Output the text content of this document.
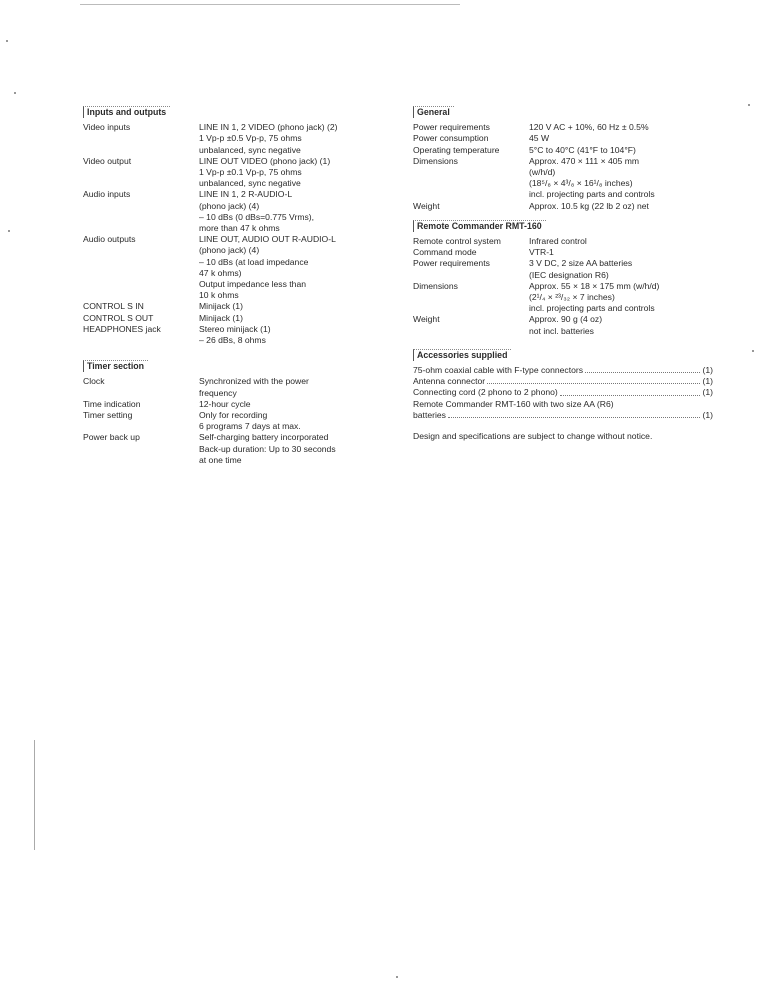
Inputs and outputs
Video inputs	LINE IN 1, 2 VIDEO (phono jack) (2)
1 Vp-p ±0.5 Vp-p, 75 ohms
unbalanced, sync negative
Video output	LINE OUT VIDEO (phono jack) (1)
1 Vp-p ±0.1 Vp-p, 75 ohms
unbalanced, sync negative
Audio inputs	LINE IN 1, 2 R-AUDIO-L
(phono jack) (4)
– 10 dBs (0 dBs=0.775 Vrms),
more than 47 k ohms
Audio outputs	LINE OUT, AUDIO OUT R-AUDIO-L
(phono jack) (4)
– 10 dBs (at load impedance
47 k ohms)
Output impedance less than
10 k ohms
CONTROL S IN	Minijack (1)
CONTROL S OUT	Minijack (1)
HEADPHONES jack	Stereo minijack (1)
– 26 dBs, 8 ohms
Timer section
Clock	Synchronized with the power
frequency
Time indication	12-hour cycle
Timer setting	Only for recording
6 programs 7 days at max.
Power back up	Self-charging battery incorporated
Back-up duration: Up to 30 seconds
at one time
General
Power requirements	120 V AC + 10%, 60 Hz ± 0.5%
Power consumption	45 W
Operating temperature	5°C to 40°C (41°F to 104°F)
Dimensions	Approx. 470 × 111 × 405 mm
(w/h/d)
(18⁵/₈ × 4³/₈ × 16¹/₈ inches)
incl. projecting parts and controls
Weight	Approx. 10.5 kg (22 lb 2 oz) net
Remote Commander RMT-160
Remote control system	Infrared control
Command mode	VTR-1
Power requirements	3 V DC, 2 size AA batteries
(IEC designation R6)
Dimensions	Approx. 55 × 18 × 175 mm (w/h/d)
(2¹/₄ × ²³/₃₂ × 7 inches)
incl. projecting parts and controls
Weight	Approx. 90 g (4 oz)
not incl. batteries
Accessories supplied
75-ohm coaxial cable with F-type connectors	(1)
Antenna connector	(1)
Connecting cord (2 phono to 2 phono)	(1)
Remote Commander RMT-160 with two size AA (R6)
batteries	(1)
Design and specifications are subject to change without notice.
